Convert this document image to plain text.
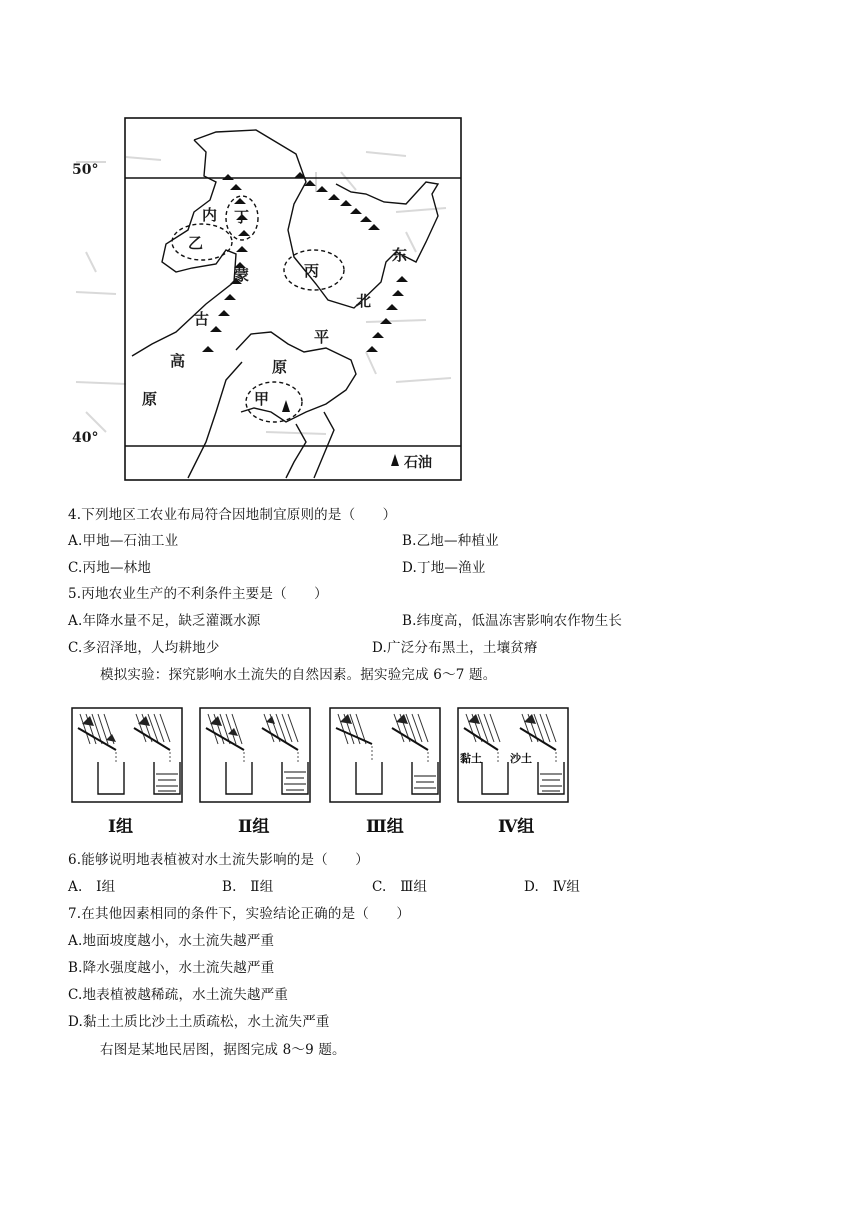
50°
40°
内
蒙
古
高
原
东
北
平
原
甲
乙
丙
丁
石油
4.下列地区工农业布局符合因地制宜原则的是（　　）
A.甲地—石油工业	B.乙地—种植业
C.丙地—林地	D.丁地—渔业
5.丙地农业生产的不利条件主要是（　　）
A.年降水量不足，缺乏灌溉水源	B.纬度高，低温冻害影响农作物生长
C.多沼泽地，人均耕地少	D.广泛分布黑土，土壤贫瘠
模拟实验：探究影响水土流失的自然因素。据实验完成 6～7 题。
黏土	沙土
Ⅰ组	Ⅱ组	Ⅲ组	Ⅳ组
6.能够说明地表植被对水土流失影响的是（　　）
A.　Ⅰ组	B.　Ⅱ组	C.　Ⅲ组	D.　Ⅳ组
7.在其他因素相同的条件下，实验结论正确的是（　　）
A.地面坡度越小，水土流失越严重
B.降水强度越小，水土流失越严重
C.地表植被越稀疏，水土流失越严重
D.黏土土质比沙土土质疏松，水土流失严重
右图是某地民居图，据图完成 8～9 题。
